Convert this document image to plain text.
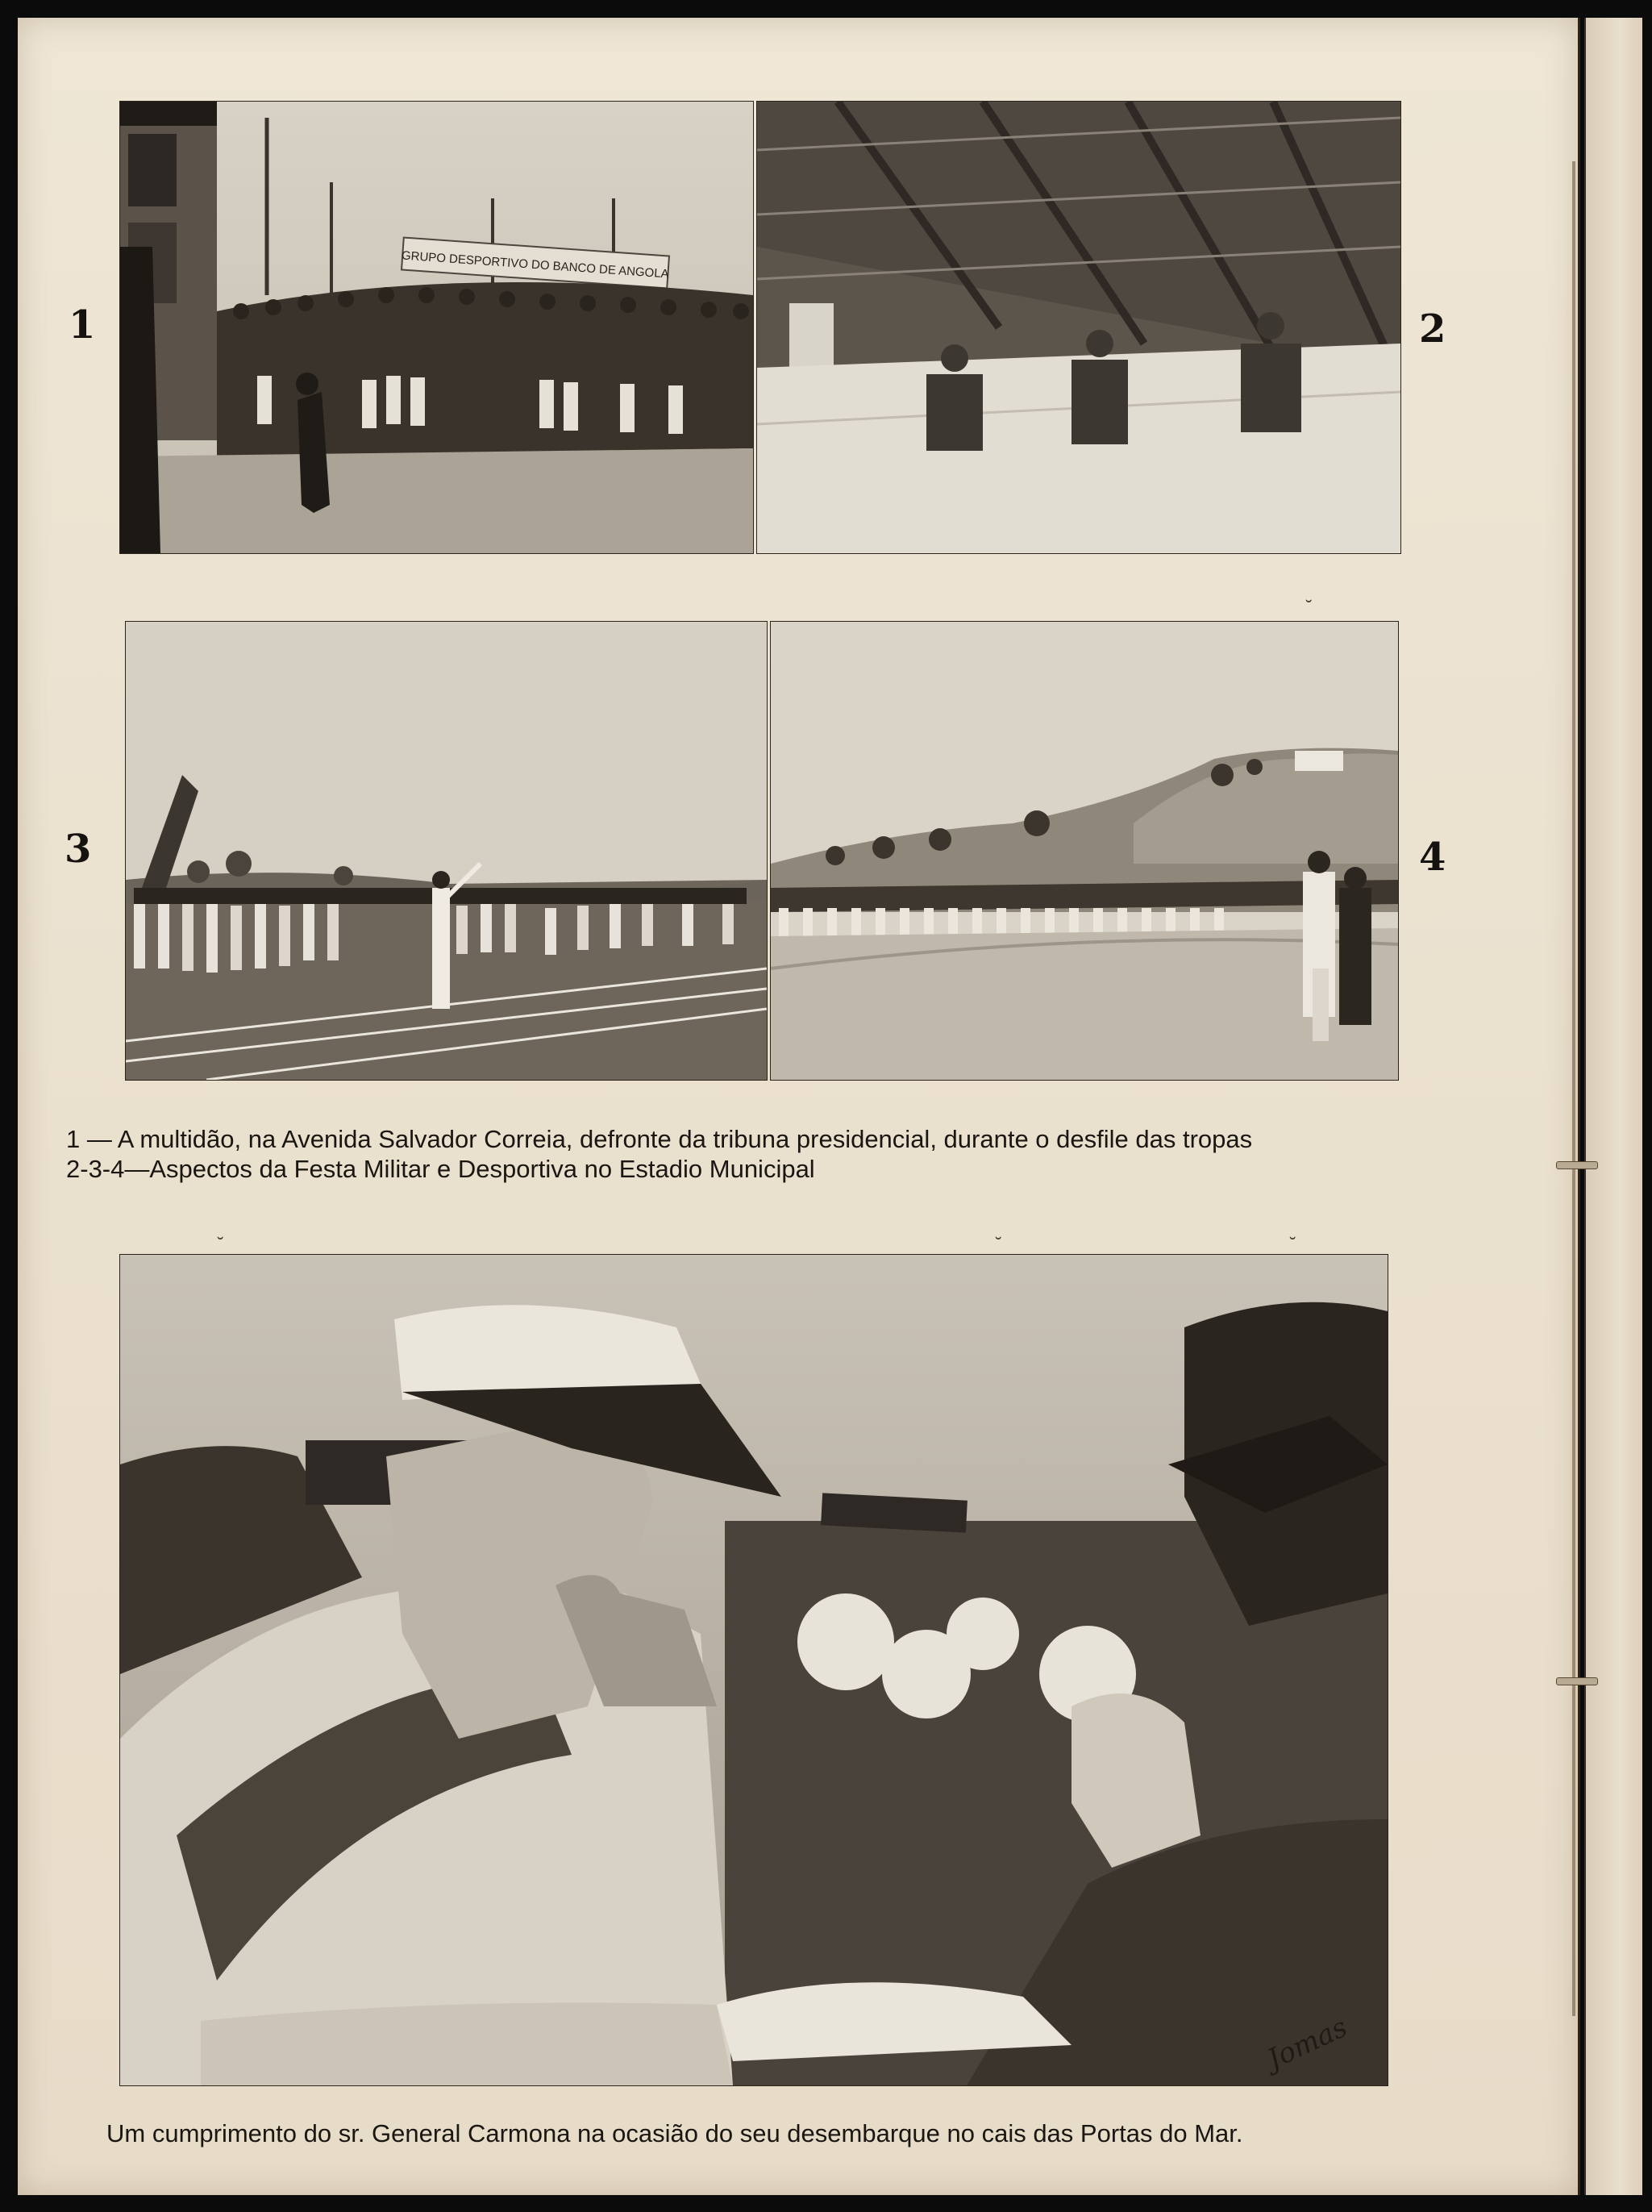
GRUPO DESPORTIVO DO BANCO DE ANGOLA
1	2
3	4
1 — A multidão, na Avenida Salvador Correia, defronte da tribuna presidencial, durante o desfile das tropas
2-3-4—Aspectos da Festa Militar e Desportiva no Estadio Municipal
Jomas
Um cumprimento do sr. General Carmona na ocasião do seu desembarque no cais das Portas do Mar.
˘	˘	˘
˘
